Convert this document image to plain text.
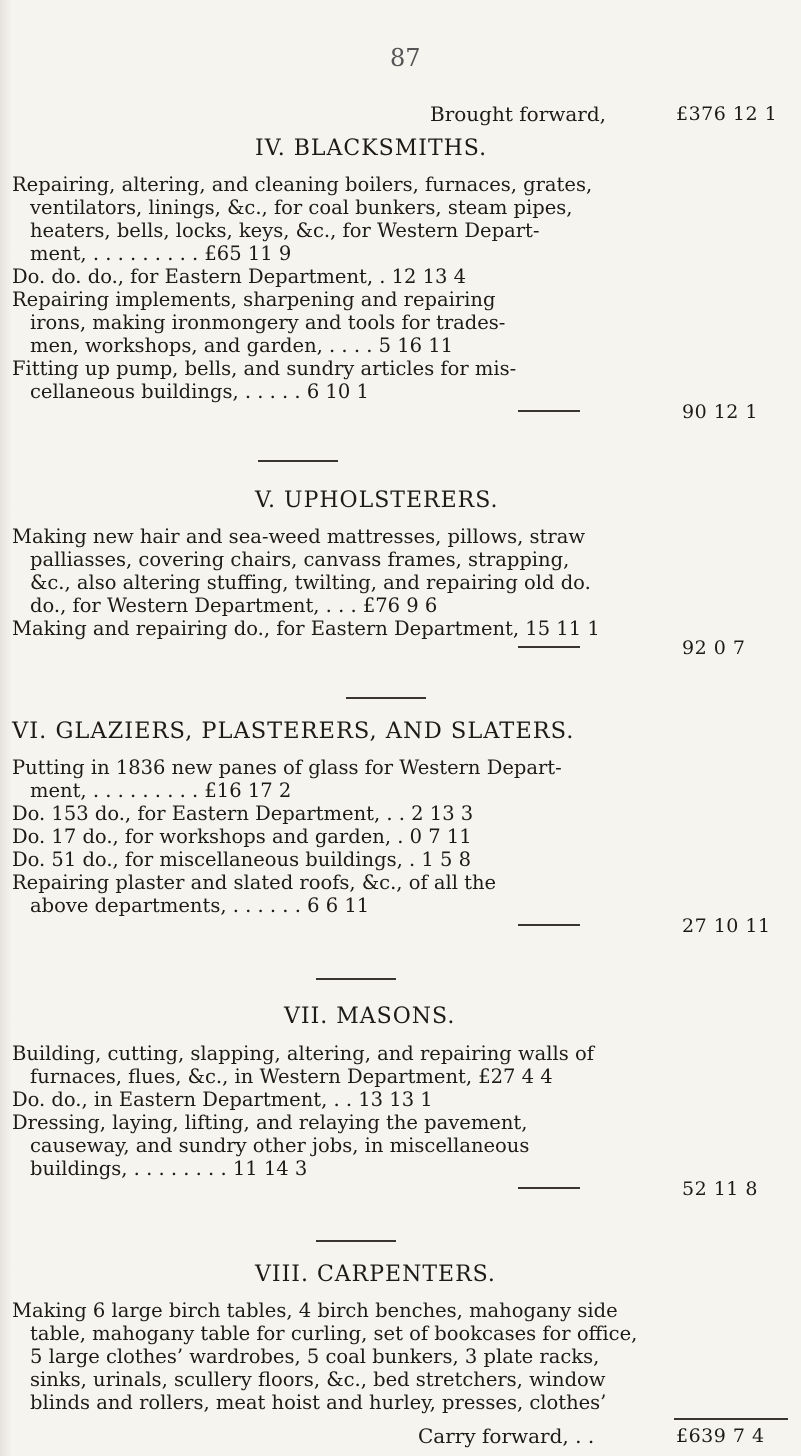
87
Brought forward,	£376 12 1
IV. BLACKSMITHS.
Repairing, altering, and cleaning boilers, furnaces, grates,
ventilators, linings, &c., for coal bunkers, steam pipes,
heaters, bells, locks, keys, &c., for Western Depart-
ment, . . . . . . . . . £65 11 9
Do. do. do., for Eastern Department, . 12 13 4
Repairing implements, sharpening and repairing
irons, making ironmongery and tools for trades-
men, workshops, and garden, . . . . 5 16 11
Fitting up pump, bells, and sundry articles for mis-
cellaneous buildings, . . . . . 6 10 1
90 12 1
V. UPHOLSTERERS.
Making new hair and sea-weed mattresses, pillows, straw
palliasses, covering chairs, canvass frames, strapping,
&c., also altering stuffing, twilting, and repairing old do.
do., for Western Department, . . . £76 9 6
Making and repairing do., for Eastern Department, 15 11 1
92 0 7
VI. GLAZIERS, PLASTERERS, AND SLATERS.
Putting in 1836 new panes of glass for Western Depart-
ment, . . . . . . . . . £16 17 2
Do. 153 do., for Eastern Department, . . 2 13 3
Do. 17 do., for workshops and garden, . 0 7 11
Do. 51 do., for miscellaneous buildings, . 1 5 8
Repairing plaster and slated roofs, &c., of all the
above departments, . . . . . . 6 6 11
27 10 11
VII. MASONS.
Building, cutting, slapping, altering, and repairing walls of
furnaces, flues, &c., in Western Department, £27 4 4
Do. do., in Eastern Department, . . 13 13 1
Dressing, laying, lifting, and relaying the pavement,
causeway, and sundry other jobs, in miscellaneous
buildings, . . . . . . . . 11 14 3
52 11 8
VIII. CARPENTERS.
Making 6 large birch tables, 4 birch benches, mahogany side
table, mahogany table for curling, set of bookcases for office,
5 large clothes’ wardrobes, 5 coal bunkers, 3 plate racks,
sinks, urinals, scullery floors, &c., bed stretchers, window
blinds and rollers, meat hoist and hurley, presses, clothes’
Carry forward, . .	£639 7 4
